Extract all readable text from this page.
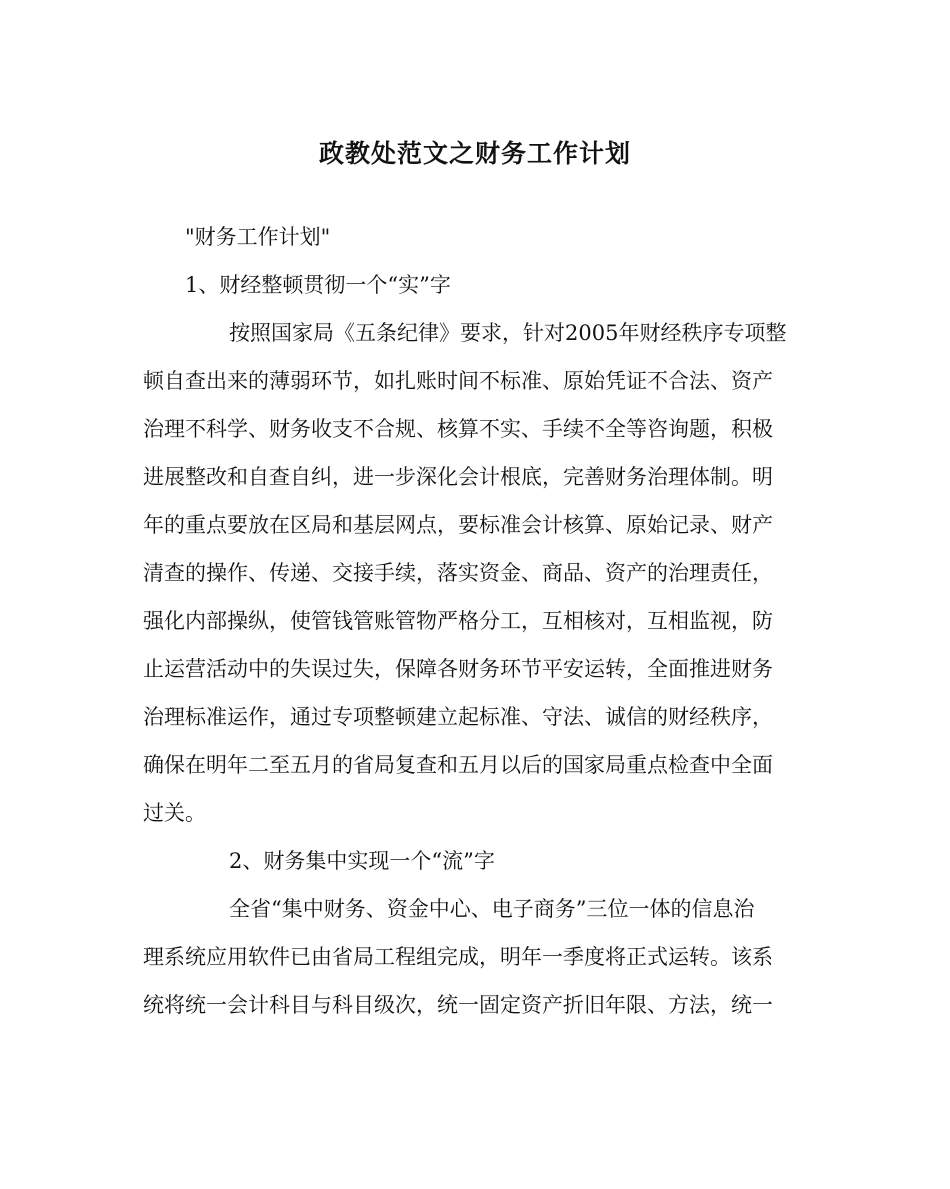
政教处范文之财务工作计划
"财务工作计划"
1、财经整顿贯彻一个“实”字
按照国家局《五条纪律》要求，针对2005年财经秩序专项整
顿自查出来的薄弱环节，如扎账时间不标准、原始凭证不合法、资产
治理不科学、财务收支不合规、核算不实、手续不全等咨询题，积极
进展整改和自查自纠，进一步深化会计根底，完善财务治理体制。明
年的重点要放在区局和基层网点，要标准会计核算、原始记录、财产
清查的操作、传递、交接手续，落实资金、商品、资产的治理责任，
强化内部操纵，使管钱管账管物严格分工，互相核对，互相监视，防
止运营活动中的失误过失，保障各财务环节平安运转，全面推进财务
治理标准运作，通过专项整顿建立起标准、守法、诚信的财经秩序，
确保在明年二至五月的省局复查和五月以后的国家局重点检查中全面
过关。
2、财务集中实现一个“流”字
全省“集中财务、资金中心、电子商务”三位一体的信息治
理系统应用软件已由省局工程组完成，明年一季度将正式运转。该系
统将统一会计科目与科目级次，统一固定资产折旧年限、方法，统一
